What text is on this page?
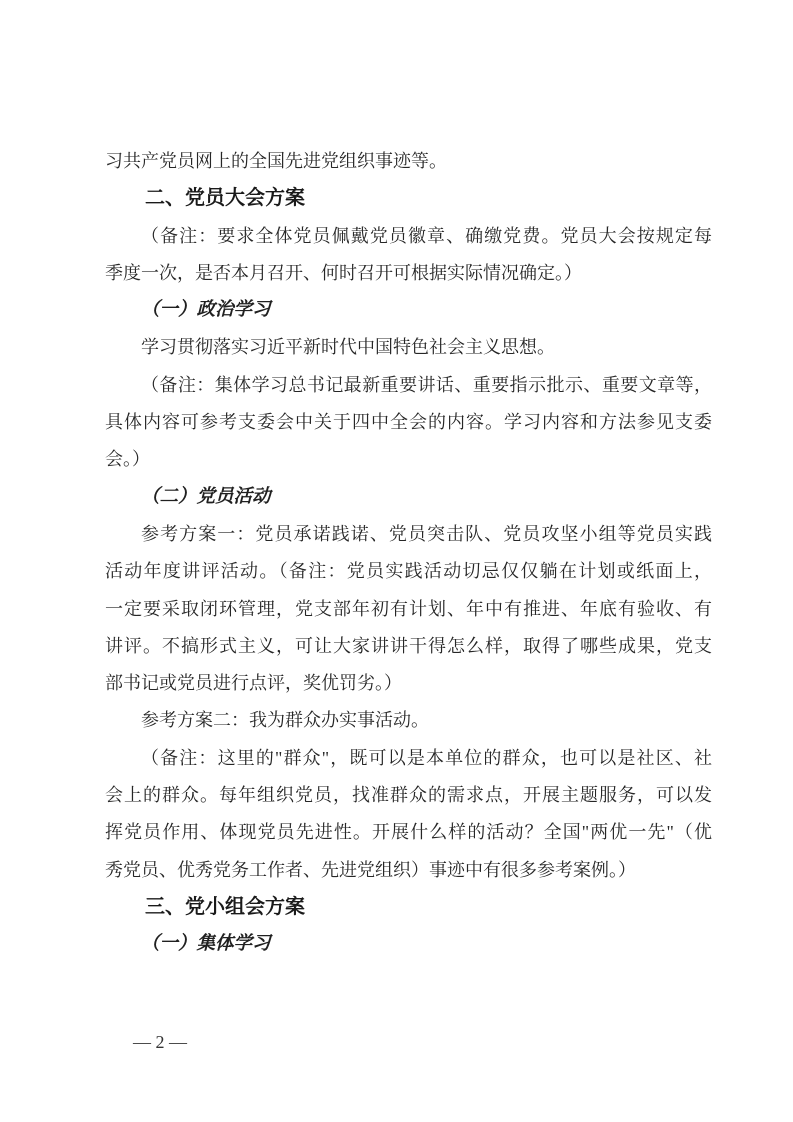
习共产党员网上的全国先进党组织事迹等。
二、党员大会方案
（备注：要求全体党员佩戴党员徽章、确缴党费。党员大会按规定每
季度一次，是否本月召开、何时召开可根据实际情况确定。）
（一）政治学习
学习贯彻落实习近平新时代中国特色社会主义思想。
（备注：集体学习总书记最新重要讲话、重要指示批示、重要文章等，
具体内容可参考支委会中关于四中全会的内容。学习内容和方法参见支委
会。）
（二）党员活动
参考方案一：党员承诺践诺、党员突击队、党员攻坚小组等党员实践
活动年度讲评活动。（备注：党员实践活动切忌仅仅躺在计划或纸面上，
一定要采取闭环管理，党支部年初有计划、年中有推进、年底有验收、有
讲评。不搞形式主义，可让大家讲讲干得怎么样，取得了哪些成果，党支
部书记或党员进行点评，奖优罚劣。）
参考方案二：我为群众办实事活动。
（备注：这里的"群众"，既可以是本单位的群众，也可以是社区、社
会上的群众。每年组织党员，找准群众的需求点，开展主题服务，可以发
挥党员作用、体现党员先进性。开展什么样的活动？全国"两优一先"（优
秀党员、优秀党务工作者、先进党组织）事迹中有很多参考案例。）
三、党小组会方案
（一）集体学习
— 2 —
